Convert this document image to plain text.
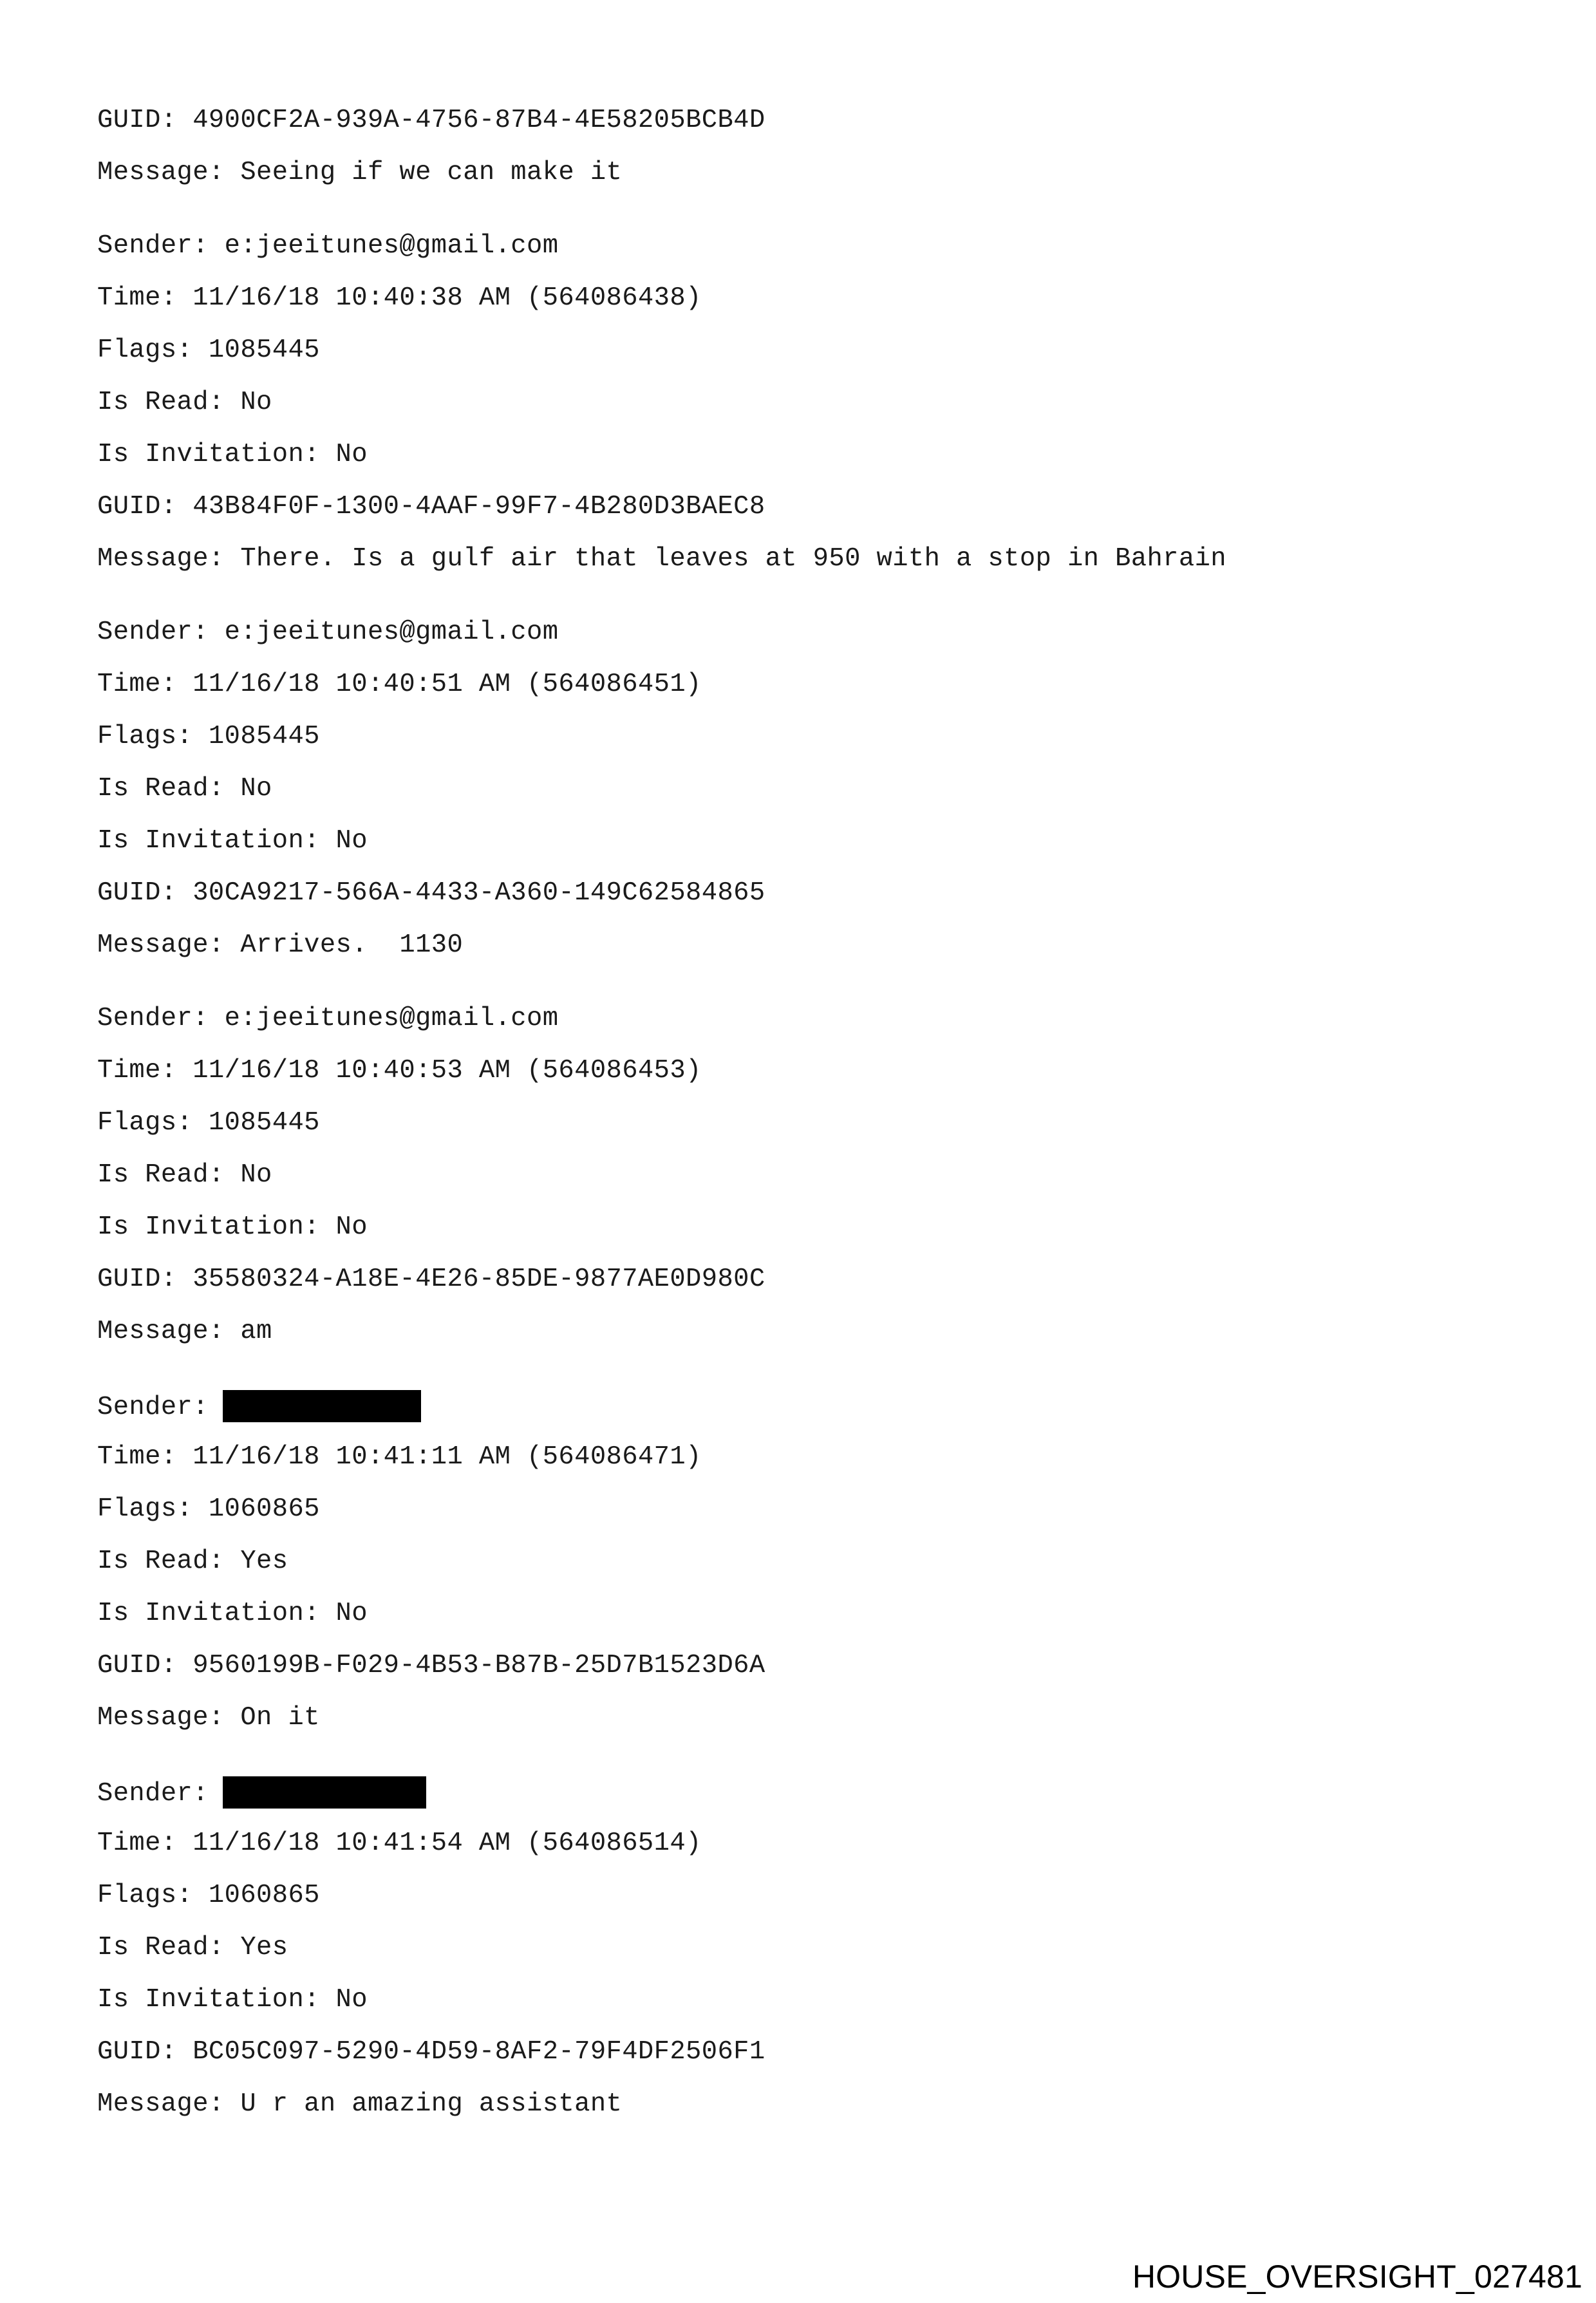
GUID: 4900CF2A-939A-4756-87B4-4E58205BCB4D
Message: Seeing if we can make it
Sender: e:jeeitunes@gmail.com
Time: 11/16/18 10:40:38 AM (564086438)
Flags: 1085445
Is Read: No
Is Invitation: No
GUID: 43B84F0F-1300-4AAF-99F7-4B280D3BAEC8
Message: There. Is a gulf air that leaves at 950 with a stop in Bahrain
Sender: e:jeeitunes@gmail.com
Time: 11/16/18 10:40:51 AM (564086451)
Flags: 1085445
Is Read: No
Is Invitation: No
GUID: 30CA9217-566A-4433-A360-149C62584865
Message: Arrives.  1130
Sender: e:jeeitunes@gmail.com
Time: 11/16/18 10:40:53 AM (564086453)
Flags: 1085445
Is Read: No
Is Invitation: No
GUID: 35580324-A18E-4E26-85DE-9877AE0D980C
Message: am
Sender:
Time: 11/16/18 10:41:11 AM (564086471)
Flags: 1060865
Is Read: Yes
Is Invitation: No
GUID: 9560199B-F029-4B53-B87B-25D7B1523D6A
Message: On it
Sender:
Time: 11/16/18 10:41:54 AM (564086514)
Flags: 1060865
Is Read: Yes
Is Invitation: No
GUID: BC05C097-5290-4D59-8AF2-79F4DF2506F1
Message: U r an amazing assistant
HOUSE_OVERSIGHT_027481
